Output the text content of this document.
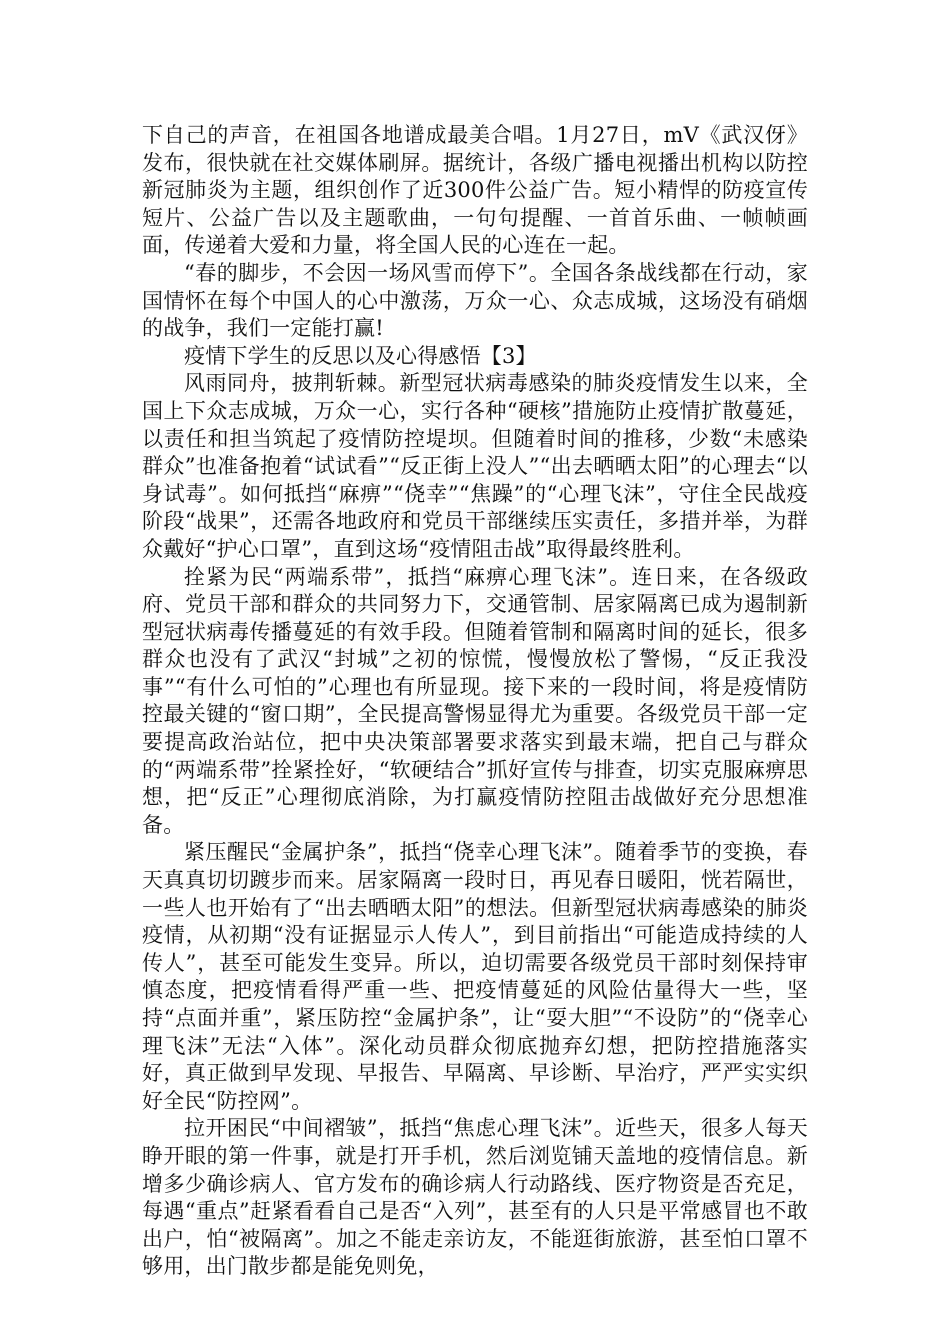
下自己的声音，在祖国各地谱成最美合唱。1月27日，mV《武汉伢》发布，很快就在社交媒体刷屏。据统计，各级广播电视播出机构以防控新冠肺炎为主题，组织创作了近300件公益广告。短小精悍的防疫宣传短片、公益广告以及主题歌曲，一句句提醒、一首首乐曲、一帧帧画面，传递着大爱和力量，将全国人民的心连在一起。

“春的脚步，不会因一场风雪而停下”。全国各条战线都在行动，家国情怀在每个中国人的心中激荡，万众一心、众志成城，这场没有硝烟的战争，我们一定能打赢!

疫情下学生的反思以及心得感悟【3】

风雨同舟，披荆斩棘。新型冠状病毒感染的肺炎疫情发生以来，全国上下众志成城，万众一心，实行各种“硬核”措施防止疫情扩散蔓延，以责任和担当筑起了疫情防控堤坝。但随着时间的推移，少数“未感染群众”也准备抱着“试试看”“反正街上没人”“出去晒晒太阳”的心理去“以身试毒”。如何抵挡“麻痹”“侥幸”“焦躁”的“心理飞沫”，守住全民战疫阶段“战果”，还需各地政府和党员干部继续压实责任，多措并举，为群众戴好“护心口罩”，直到这场“疫情阻击战”取得最终胜利。

拴紧为民“两端系带”，抵挡“麻痹心理飞沫”。连日来，在各级政府、党员干部和群众的共同努力下，交通管制、居家隔离已成为遏制新型冠状病毒传播蔓延的有效手段。但随着管制和隔离时间的延长，很多群众也没有了武汉“封城”之初的惊慌，慢慢放松了警惕，“反正我没事”“有什么可怕的”心理也有所显现。接下来的一段时间，将是疫情防控最关键的“窗口期”，全民提高警惕显得尤为重要。各级党员干部一定要提高政治站位，把中央决策部署要求落实到最末端，把自己与群众的“两端系带”拴紧拴好，“软硬结合”抓好宣传与排查，切实克服麻痹思想，把“反正”心理彻底消除，为打赢疫情防控阻击战做好充分思想准备。

紧压醒民“金属护条”，抵挡“侥幸心理飞沫”。随着季节的变换，春天真真切切踱步而来。居家隔离一段时日，再见春日暖阳，恍若隔世，一些人也开始有了“出去晒晒太阳”的想法。但新型冠状病毒感染的肺炎疫情，从初期“没有证据显示人传人”，到目前指出“可能造成持续的人传人”，甚至可能发生变异。所以，迫切需要各级党员干部时刻保持审慎态度，把疫情看得严重一些、把疫情蔓延的风险估量得大一些，坚持“点面并重”，紧压防控“金属护条”，让“耍大胆”“不设防”的“侥幸心理飞沫”无法“入体”。深化动员群众彻底抛弃幻想，把防控措施落实好，真正做到早发现、早报告、早隔离、早诊断、早治疗，严严实实织好全民“防控网”。

拉开困民“中间褶皱”，抵挡“焦虑心理飞沫”。近些天，很多人每天睁开眼的第一件事，就是打开手机，然后浏览铺天盖地的疫情信息。新增多少确诊病人、官方发布的确诊病人行动路线、医疗物资是否充足，每遇“重点”赶紧看看自己是否“入列”，甚至有的人只是平常感冒也不敢出户，怕“被隔离”。加之不能走亲访友，不能逛街旅游，甚至怕口罩不够用，出门散步都是能免则免，
